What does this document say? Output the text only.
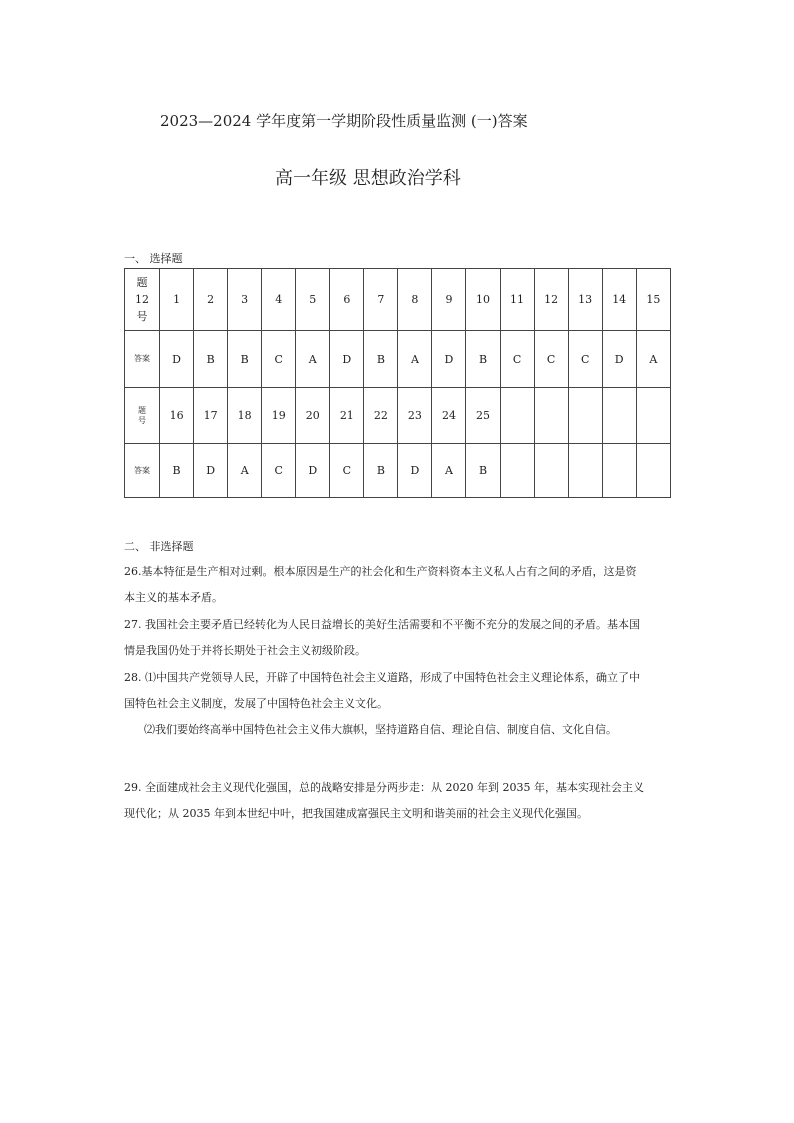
2023—2024 学年度第一学期阶段性质量监测 (一)答案
高一年级 思想政治学科
一、 选择题
题
12
号	1	2	3	4	5	6	7	8	9	10	11	12	13	14	15

答案	D	B	B	C	A	D	B	A	D	B	C	C	C	D	A

题
号	16	17	18	19	20	21	22	23	24	25					

答案	B	D	A	C	D	C	B	D	A	B					
二、 非选择题
26.基本特征是生产相对过剩。根本原因是生产的社会化和生产资料资本主义私人占有之间的矛盾，这是资本主义的基本矛盾。
27. 我国社会主要矛盾已经转化为人民日益增长的美好生活需要和不平衡不充分的发展之间的矛盾。基本国情是我国仍处于并将长期处于社会主义初级阶段。
28. ⑴中国共产党领导人民，开辟了中国特色社会主义道路，形成了中国特色社会主义理论体系，确立了中国特色社会主义制度，发展了中国特色社会主义文化。
⑵我们要始终高举中国特色社会主义伟大旗帜，坚持道路自信、理论自信、制度自信、文化自信。
29. 全面建成社会主义现代化强国，总的战略安排是分两步走：从 2020 年到 2035 年，基本实现社会主义现代化；从 2035 年到本世纪中叶，把我国建成富强民主文明和谐美丽的社会主义现代化强国。
